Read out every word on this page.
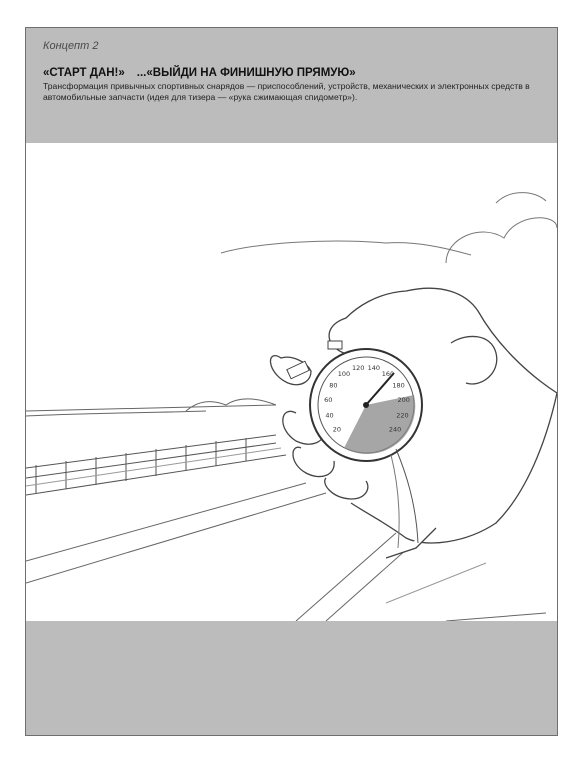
Концепт 2
«СТАРТ ДАН!» ...«ВЫЙДИ НА ФИНИШНУЮ ПРЯМУЮ»
Трансформация привычных спортивных снарядов — приспособлений, устройств, механических и электронных средств в автомобильные запчасти (идея для тизера — «рука сжимающая спидометр»).
20
40
60
80
100
120 140
160
180
200
220
240
